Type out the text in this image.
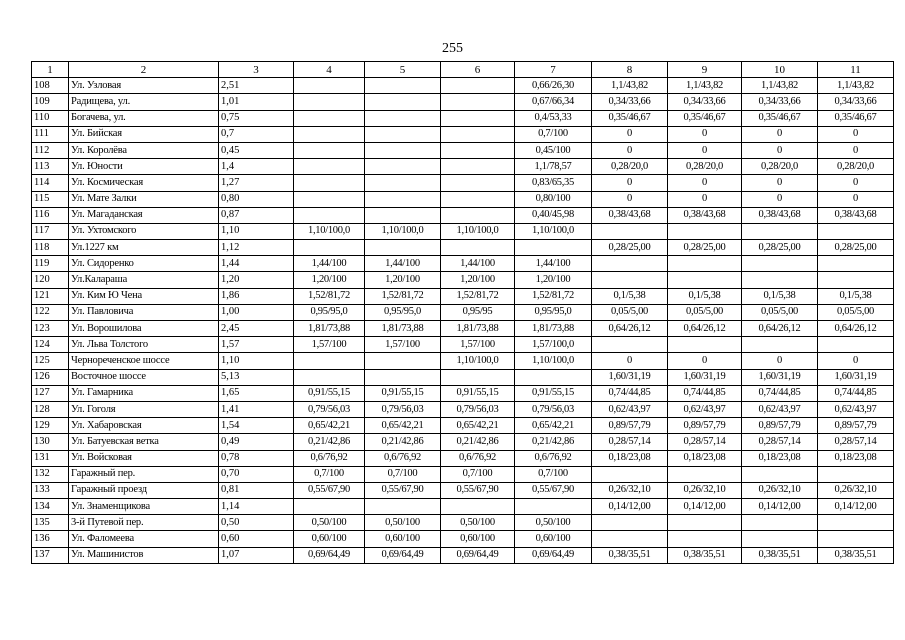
255
1	2	3	4	5	6	7	8	9	10	11
108	Ул. Узловая	2,51				0,66/26,30	1,1/43,82	1,1/43,82	1,1/43,82	1,1/43,82
109	Радищева, ул.	1,01				0,67/66,34	0,34/33,66	0,34/33,66	0,34/33,66	0,34/33,66
110	Богачева, ул.	0,75				0,4/53,33	0,35/46,67	0,35/46,67	0,35/46,67	0,35/46,67
111	Ул. Бийская	0,7				0,7/100	0	0	0	0
112	Ул. Королёва	0,45				0,45/100	0	0	0	0
113	Ул. Юности	1,4				1,1/78,57	0,28/20,0	0,28/20,0	0,28/20,0	0,28/20,0
114	Ул. Космическая	1,27				0,83/65,35	0	0	0	0
115	Ул. Мате Залки	0,80				0,80/100	0	0	0	0
116	Ул. Магаданская	0,87				0,40/45,98	0,38/43,68	0,38/43,68	0,38/43,68	0,38/43,68
117	Ул. Ухтомского	1,10	1,10/100,0	1,10/100,0	1,10/100,0	1,10/100,0				
118	Ул.1227 км	1,12					0,28/25,00	0,28/25,00	0,28/25,00	0,28/25,00
119	Ул. Сидоренко	1,44	1,44/100	1,44/100	1,44/100	1,44/100				
120	Ул.Калараша	1,20	1,20/100	1,20/100	1,20/100	1,20/100				
121	Ул. Ким Ю Чена	1,86	1,52/81,72	1,52/81,72	1,52/81,72	1,52/81,72	0,1/5,38	0,1/5,38	0,1/5,38	0,1/5,38
122	Ул. Павловича	1,00	0,95/95,0	0,95/95,0	0,95/95	0,95/95,0	0,05/5,00	0,05/5,00	0,05/5,00	0,05/5,00
123	Ул. Ворошилова	2,45	1,81/73,88	1,81/73,88	1,81/73,88	1,81/73,88	0,64/26,12	0,64/26,12	0,64/26,12	0,64/26,12
124	Ул. Льва Толстого	1,57	1,57/100	1,57/100	1,57/100	1,57/100,0				
125	Чернореченское шоссе	1,10			1,10/100,0	1,10/100,0	0	0	0	0
126	Восточное шоссе	5,13					1,60/31,19	1,60/31,19	1,60/31,19	1,60/31,19
127	Ул. Гамарника	1,65	0,91/55,15	0,91/55,15	0,91/55,15	0,91/55,15	0,74/44,85	0,74/44,85	0,74/44,85	0,74/44,85
128	Ул. Гоголя	1,41	0,79/56,03	0,79/56,03	0,79/56,03	0,79/56,03	0,62/43,97	0,62/43,97	0,62/43,97	0,62/43,97
129	Ул. Хабаровская	1,54	0,65/42,21	0,65/42,21	0,65/42,21	0,65/42,21	0,89/57,79	0,89/57,79	0,89/57,79	0,89/57,79
130	Ул. Батуевская ветка	0,49	0,21/42,86	0,21/42,86	0,21/42,86	0,21/42,86	0,28/57,14	0,28/57,14	0,28/57,14	0,28/57,14
131	Ул. Войсковая	0,78	0,6/76,92	0,6/76,92	0,6/76,92	0,6/76,92	0,18/23,08	0,18/23,08	0,18/23,08	0,18/23,08
132	Гаражный пер.	0,70	0,7/100	0,7/100	0,7/100	0,7/100				
133	Гаражный проезд	0,81	0,55/67,90	0,55/67,90	0,55/67,90	0,55/67,90	0,26/32,10	0,26/32,10	0,26/32,10	0,26/32,10
134	Ул. Знаменщикова	1,14					0,14/12,00	0,14/12,00	0,14/12,00	0,14/12,00
135	3-й Путевой пер.	0,50	0,50/100	0,50/100	0,50/100	0,50/100				
136	Ул. Фаломеева	0,60	0,60/100	0,60/100	0,60/100	0,60/100				
137	Ул. Машинистов	1,07	0,69/64,49	0,69/64,49	0,69/64,49	0,69/64,49	0,38/35,51	0,38/35,51	0,38/35,51	0,38/35,51
